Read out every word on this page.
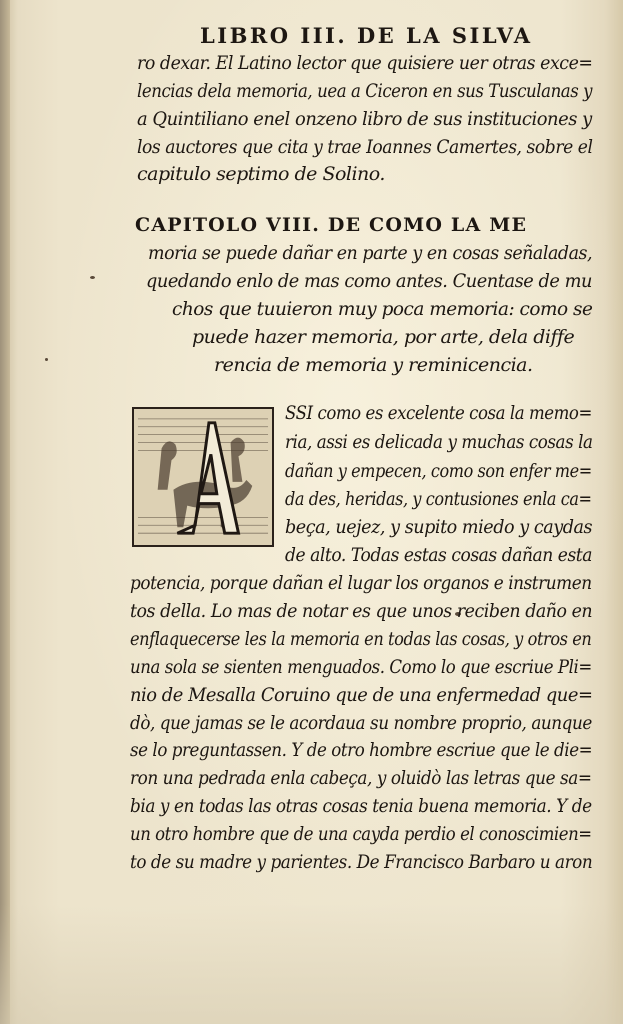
LIBRO III. DE LA SILVA
ro dexar. El Latino lector que quisiere uer otras exce=
lencias dela memoria, uea a Ciceron en sus Tusculanas y
a Quintiliano enel onzeno libro de sus instituciones y
los auctores que cita y trae Ioannes Camertes, sobre el
capitulo septimo de Solino.
CAPITOLO VIII. DE COMO LA ME
moria se puede dañar en parte y en cosas señaladas,
quedando enlo de mas como antes. Cuentase de mu
chos que tuuieron muy poca memoria: como se
puede hazer memoria, por arte, dela diffe
rencia de memoria y reminicencia.
SSI como es excelente cosa la memo=
ria, assi es delicada y muchas cosas la
dañan y empecen, como son enfer me=
da des, heridas, y contusiones enla ca=
beça, uejez, y supito miedo y caydas
de alto. Todas estas cosas dañan esta
potencia, porque dañan el lugar los organos e instrumen
tos della. Lo mas de notar es que unos reciben daño en
enflaquecerse les la memoria en todas las cosas, y otros en
una sola se sienten menguados. Como lo que escriue Pli=
nio de Mesalla Coruino que de una enfermedad que=
dò, que jamas se le acordaua su nombre proprio, aunque
se lo preguntassen. Y de otro hombre escriue que le die=
ron una pedrada enla cabeça, y oluidò las letras que sa=
bia y en todas las otras cosas tenia buena memoria. Y de
un otro hombre que de una cayda perdio el conoscimien=
to de su madre y parientes. De Francisco Barbaro u aron
